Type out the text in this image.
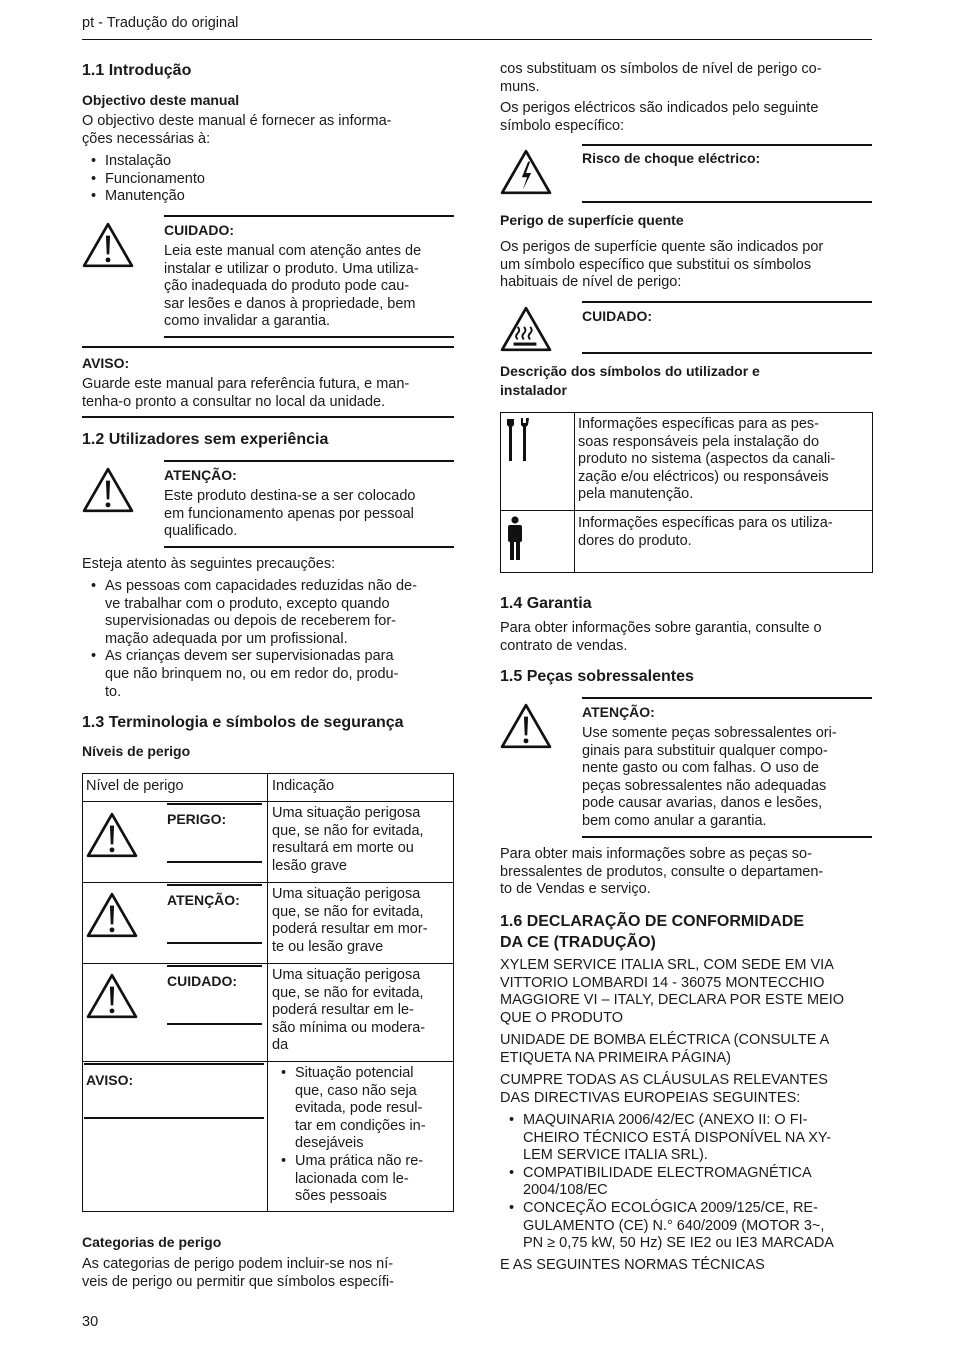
pt - Tradução do original
1.1 Introdução
Objectivo deste manual
O objectivo deste manual é fornecer as informa-
ções necessárias à:
• Instalação
• Funcionamento
• Manutenção
CUIDADO:
Leia este manual com atenção antes de
instalar e utilizar o produto. Uma utiliza-
ção inadequada do produto pode cau-
sar lesões e danos à propriedade, bem
como invalidar a garantia.
AVISO:
Guarde este manual para referência futura, e man-
tenha-o pronto a consultar no local da unidade.
1.2 Utilizadores sem experiência
ATENÇÃO:
Este produto destina-se a ser colocado
em funcionamento apenas por pessoal
qualificado.
Esteja atento às seguintes precauções:
• As pessoas com capacidades reduzidas não de-
ve trabalhar com o produto, excepto quando
supervisionadas ou depois de receberem for-
mação adequada por um profissional.
• As crianças devem ser supervisionadas para
que não brinquem no, ou em redor do, produ-
to.
1.3 Terminologia e símbolos de segurança
Níveis de perigo
Nível de perigo	Indicação
PERIGO:	Uma situação perigosa
que, se não for evitada,
resultará em morte ou
lesão grave
ATENÇÃO: Uma situação perigosa
que, se não for evitada,
poderá resultar em mor-
te ou lesão grave
CUIDADO: Uma situação perigosa
que, se não for evitada,
poderá resultar em le-
são mínima ou modera-
da
AVISO:
•	Situação potencial
que, caso não seja
evitada, pode resul-
tar em condições in-
desejáveis
• Uma prática não re-
lacionada com le-
sões pessoais
Categorias de perigo
As categorias de perigo podem incluir-se nos ní-
veis de perigo ou permitir que símbolos específi-
30
cos substituam os símbolos de nível de perigo co-
muns.
Os perigos eléctricos são indicados pelo seguinte
símbolo específico:
Risco de choque eléctrico:
Perigo de superfície quente
Os perigos de superfície quente são indicados por
um símbolo específico que substitui os símbolos
habituais de nível de perigo:
CUIDADO:
Descrição dos símbolos do utilizador e
instalador
Informações específicas para as pes-
soas responsáveis pela instalação do
produto no sistema (aspectos da canali-
zação e/ou eléctricos) ou responsáveis
pela manutenção.
Informações específicas para os utiliza-
dores do produto.
1.4 Garantia
Para obter informações sobre garantia, consulte o
contrato de vendas.
1.5 Peças sobressalentes
ATENÇÃO:
Use somente peças sobressalentes ori-
ginais para substituir qualquer compo-
nente gasto ou com falhas. O uso de
peças sobressalentes não adequadas
pode causar avarias, danos e lesões,
bem como anular a garantia.
Para obter mais informações sobre as peças so-
bressalentes de produtos, consulte o departamen-
to de Vendas e serviço.
1.6 DECLARAÇÃO DE CONFORMIDADE
DA CE (TRADUÇÃO)
XYLEM SERVICE ITALIA SRL, COM SEDE EM VIA
VITTORIO LOMBARDI 14 - 36075 MONTECCHIO
MAGGIORE VI – ITALY, DECLARA POR ESTE MEIO
QUE O PRODUTO
UNIDADE DE BOMBA ELÉCTRICA (CONSULTE A
ETIQUETA NA PRIMEIRA PÁGINA)
CUMPRE TODAS AS CLÁUSULAS RELEVANTES
DAS DIRECTIVAS EUROPEIAS SEGUINTES:
• MAQUINARIA 2006/42/EC (ANEXO II: O FI-
CHEIRO TÉCNICO ESTÁ DISPONÍVEL NA XY-
LEM SERVICE ITALIA SRL).
• COMPATIBILIDADE ELECTROMAGNÉTICA
2004/108/EC
• CONCEÇÃO ECOLÓGICA 2009/125/CE, RE-
GULAMENTO (CE) N.° 640/2009 (MOTOR 3~,
PN ≥ 0,75 kW, 50 Hz) SE IE2 ou IE3 MARCADA
E AS SEGUINTES NORMAS TÉCNICAS
